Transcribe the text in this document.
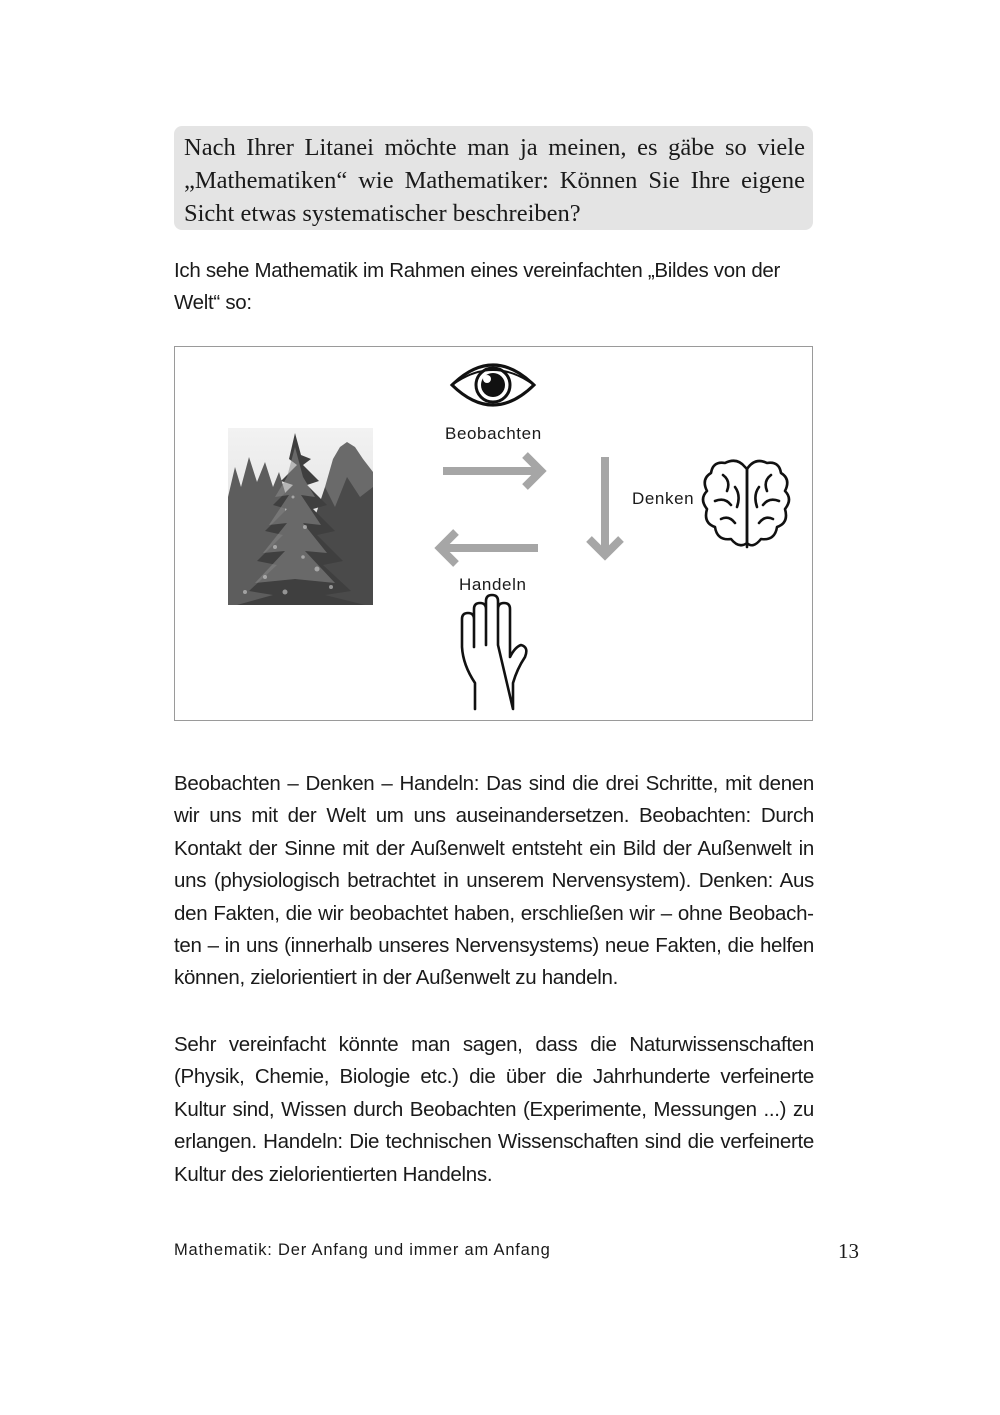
Nach Ihrer Litanei möchte man ja meinen, es gäbe so viele „Mathematiken“ wie Mathematiker: Können Sie Ihre eigene Sicht etwas systematischer beschreiben?
Ich sehe Mathematik im Rahmen eines vereinfachten „Bildes von der Welt“ so:
Beobachten
Denken
Handeln
Beobachten – Denken – Handeln: Das sind die drei Schritte, mit denen wir uns mit der Welt um uns auseinandersetzen. Beobachten: Durch Kontakt der Sinne mit der Außenwelt entsteht ein Bild der Außenwelt in uns (physiologisch betrachtet in unserem Nervensystem). Denken: Aus den Fakten, die wir beobachtet haben, erschließen wir – ohne Beobachten – in uns (innerhalb unseres Nervensystems) neue Fakten, die helfen können, zielorientiert in der Außenwelt zu handeln.
Sehr vereinfacht könnte man sagen, dass die Naturwissenschaften (Physik, Chemie, Biologie etc.) die über die Jahrhunderte verfeinerte Kultur sind, Wissen durch Beobachten (Experimente, Messungen ...) zu erlangen. Handeln: Die technischen Wissenschaften sind die verfeinerte Kultur des zielorientierten Handelns.
Mathematik: Der Anfang und immer am Anfang	13
